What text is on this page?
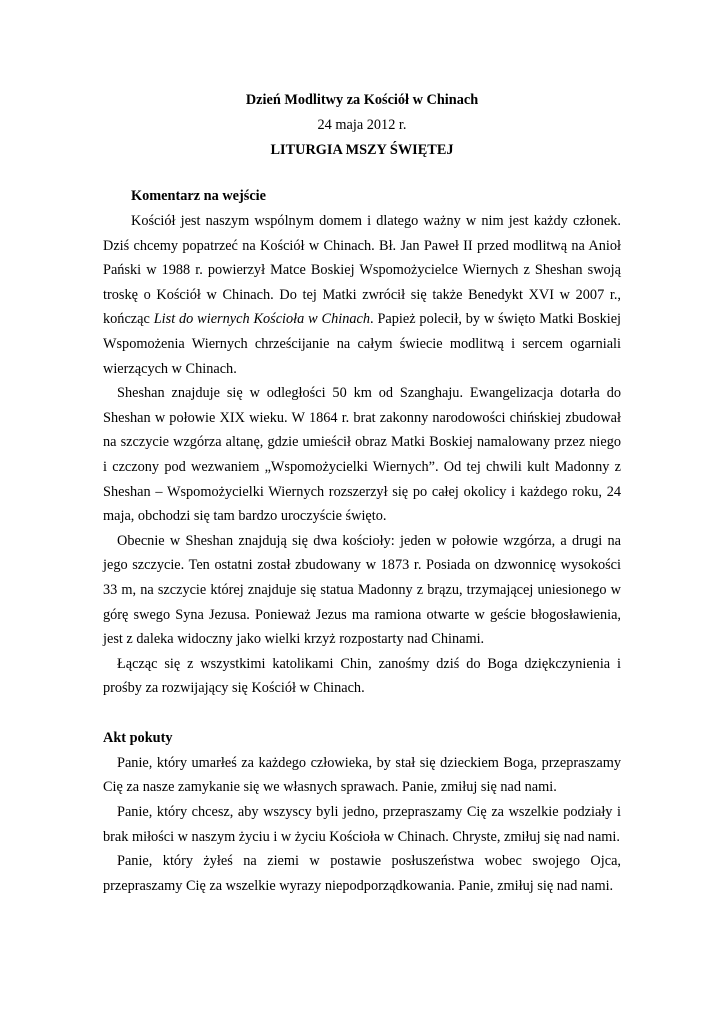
Dzień Modlitwy za Kościół w Chinach
24 maja 2012 r.
LITURGIA MSZY ŚWIĘTEJ
Komentarz na wejście

Kościół jest naszym wspólnym domem i dlatego ważny w nim jest każdy członek. Dziś chcemy popatrzeć na Kościół w Chinach. Bł. Jan Paweł II przed modlitwą na Anioł Pański w 1988 r. powierzył Matce Boskiej Wspomożycielce Wiernych z Sheshan swoją troskę o Kościół w Chinach. Do tej Matki zwrócił się także Benedykt XVI w 2007 r., kończąc List do wiernych Kościoła w Chinach. Papież polecił, by w święto Matki Boskiej Wspomożenia Wiernych chrześcijanie na całym świecie modlitwą i sercem ogarniali wierzących w Chinach.

Sheshan znajduje się w odległości 50 km od Szanghaju. Ewangelizacja dotarła do Sheshan w połowie XIX wieku. W 1864 r. brat zakonny narodowości chińskiej zbudował na szczycie wzgórza altanę, gdzie umieścił obraz Matki Boskiej namalowany przez niego i czczony pod wezwaniem „Wspomożycielki Wiernych”. Od tej chwili kult Madonny z Sheshan – Wspomożycielki Wiernych rozszerzył się po całej okolicy i każdego roku, 24 maja, obchodzi się tam bardzo uroczyście święto.

Obecnie w Sheshan znajdują się dwa kościoły: jeden w połowie wzgórza, a drugi na jego szczycie. Ten ostatni został zbudowany w 1873 r. Posiada on dzwonnicę wysokości 33 m, na szczycie której znajduje się statua Madonny z brązu, trzymającej uniesionego w górę swego Syna Jezusa. Ponieważ Jezus ma ramiona otwarte w geście błogosławienia, jest z daleka widoczny jako wielki krzyż rozpostarty nad Chinami.

Łącząc się z wszystkimi katolikami Chin, zanośmy dziś do Boga dziękczynienia i prośby za rozwijający się Kościół w Chinach.

Akt pokuty

Panie, który umarłeś za każdego człowieka, by stał się dzieckiem Boga, przepraszamy Cię za nasze zamykanie się we własnych sprawach. Panie, zmiłuj się nad nami.

Panie, który chcesz, aby wszyscy byli jedno, przepraszamy Cię za wszelkie podziały i brak miłości w naszym życiu i w życiu Kościoła w Chinach. Chryste, zmiłuj się nad nami.

Panie, który żyłeś na ziemi w postawie posłuszeństwa wobec swojego Ojca, przepraszamy Cię za wszelkie wyrazy niepodporządkowania. Panie, zmiłuj się nad nami.
